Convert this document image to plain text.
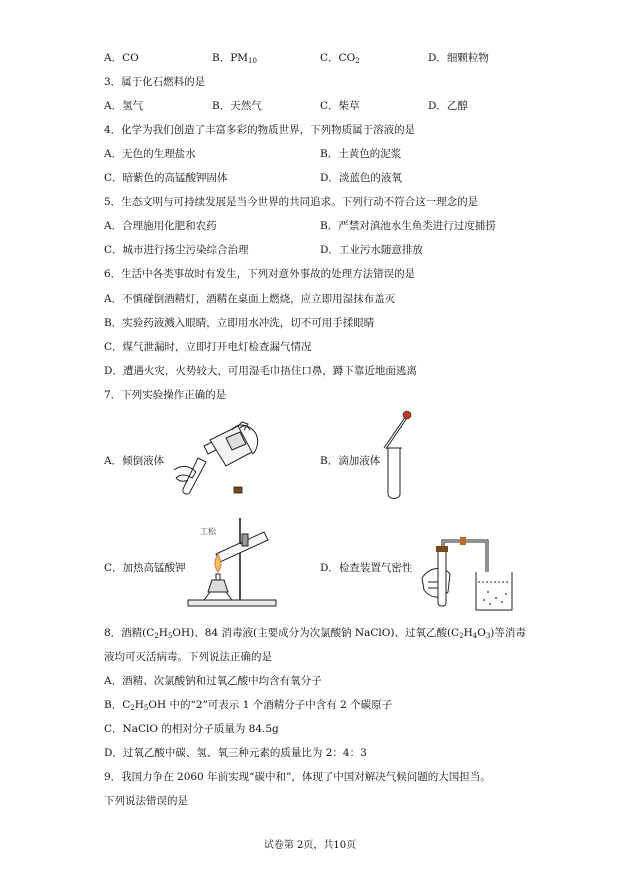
A．CO	B．$PM_{10}$	C．$CO_2$	D．细颗粒物
3．属于化石燃料的是
A．氢气	B．天然气	C．柴草	D．乙醇
4．化学为我们创造了丰富多彩的物质世界，下列物质属于溶液的是
A．无色的生理盐水	B．土黄色的泥浆
C．暗紫色的高锰酸钾固体	D．淡蓝色的液氧
5．生态文明与可持续发展是当今世界的共同追求。下列行动不符合这一理念的是
A．合理施用化肥和农药	B．严禁对滇池水生鱼类进行过度捕捞
C．城市进行扬尘污染综合治理	D．工业污水随意排放
6．生活中各类事故时有发生，下列对意外事故的处理方法错误的是
A．不慎碰倒酒精灯，酒精在桌面上燃烧，应立即用湿抹布盖灭
B．实验药液溅入眼睛，立即用水冲洗，切不可用手揉眼睛
C．煤气泄漏时，立即打开电灯检查漏气情况
D．遭遇火灾，火势较大，可用湿毛巾捂住口鼻，蹲下靠近地面逃离
7．下列实验操作正确的是
A．倾倒液体	B．滴加液体
C．加热高锰酸钾	D．检查装置气密性
工松
8．酒精$(C_2H_5OH)$、84 消毒液(主要成分为次氯酸钠 NaClO)、过氧乙酸$(C_2H_4O_3)$等消毒
液均可灭活病毒。下列说法正确的是
A．酒精、次氯酸钠和过氧乙酸中均含有氧分子
B．$C_2H_5OH$ 中的“2”可表示 1 个酒精分子中含有 2 个碳原子
C．NaClO 的相对分子质量为 84.5g
D．过氧乙酸中碳、氢、氧三种元素的质量比为 2：4：3
9．我国力争在 2060 年前实现“碳中和”，体现了中国对解决气候问题的大国担当。
下列说法错误的是
试卷第 2页，共10页
